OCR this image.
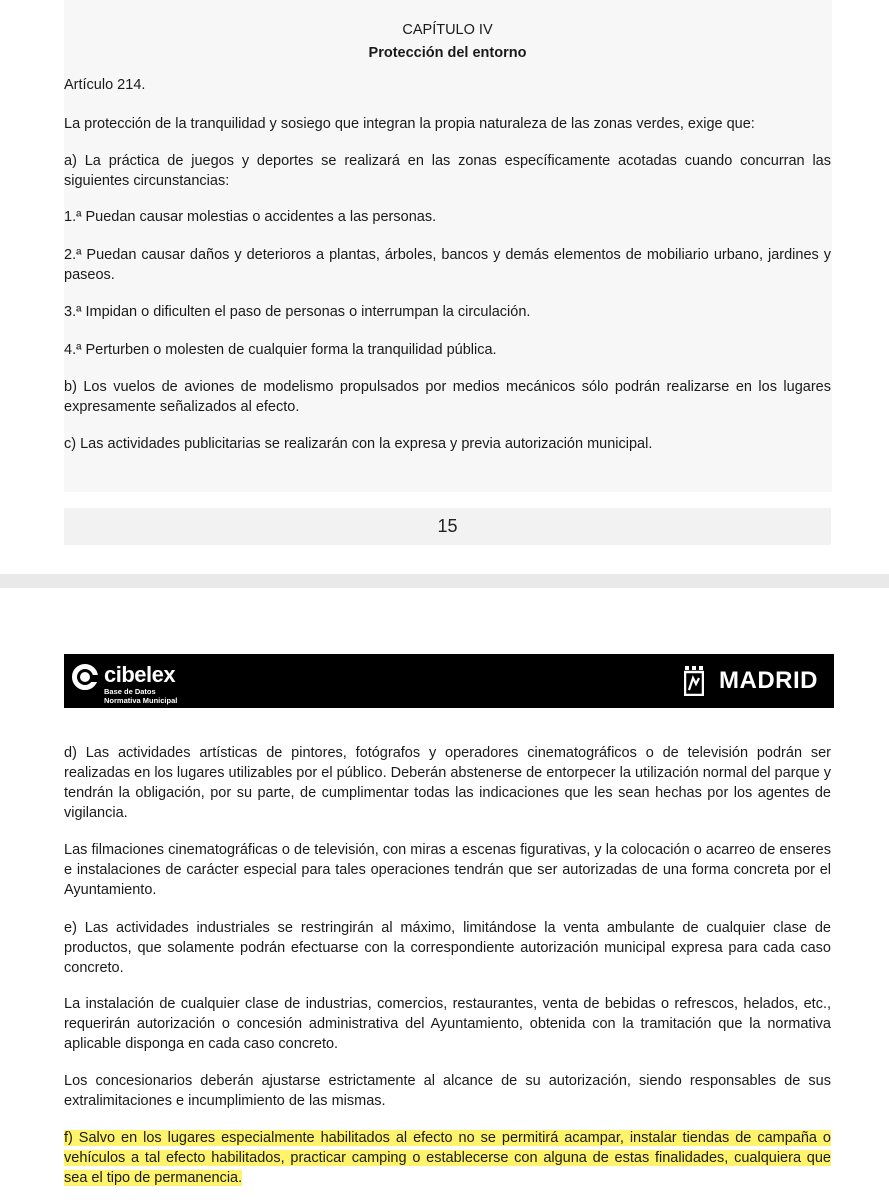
CAPÍTULO IV

Protección del entorno

Artículo 214.

La protección de la tranquilidad y sosiego que integran la propia naturaleza de las zonas verdes, exige que:

a) La práctica de juegos y deportes se realizará en las zonas específicamente acotadas cuando concurran las siguientes circunstancias:

1.ª Puedan causar molestias o accidentes a las personas.

2.ª Puedan causar daños y deterioros a plantas, árboles, bancos y demás elementos de mobiliario urbano, jardines y paseos.

3.ª Impidan o dificulten el paso de personas o interrumpan la circulación.

4.ª Perturben o molesten de cualquier forma la tranquilidad pública.

b) Los vuelos de aviones de modelismo propulsados por medios mecánicos sólo podrán realizarse en los lugares expresamente señalizados al efecto.

c) Las actividades publicitarias se realizarán con la expresa y previa autorización municipal.

15
cibelex
Base de Datos
Normativa Municipal
MADRID

d) Las actividades artísticas de pintores, fotógrafos y operadores cinematográficos o de televisión podrán ser realizadas en los lugares utilizables por el público. Deberán abstenerse de entorpecer la utilización normal del parque y tendrán la obligación, por su parte, de cumplimentar todas las indicaciones que les sean hechas por los agentes de vigilancia.

Las filmaciones cinematográficas o de televisión, con miras a escenas figurativas, y la colocación o acarreo de enseres e instalaciones de carácter especial para tales operaciones tendrán que ser autorizadas de una forma concreta por el Ayuntamiento.

e) Las actividades industriales se restringirán al máximo, limitándose la venta ambulante de cualquier clase de productos, que solamente podrán efectuarse con la correspondiente autorización municipal expresa para cada caso concreto.

La instalación de cualquier clase de industrias, comercios, restaurantes, venta de bebidas o refrescos, helados, etc., requerirán autorización o concesión administrativa del Ayuntamiento, obtenida con la tramitación que la normativa aplicable disponga en cada caso concreto.

Los concesionarios deberán ajustarse estrictamente al alcance de su autorización, siendo responsables de sus extralimitaciones e incumplimiento de las mismas.

f) Salvo en los lugares especialmente habilitados al efecto no se permitirá acampar, instalar tiendas de campaña o vehículos a tal efecto habilitados, practicar camping o establecerse con alguna de estas finalidades, cualquiera que sea el tipo de permanencia.
